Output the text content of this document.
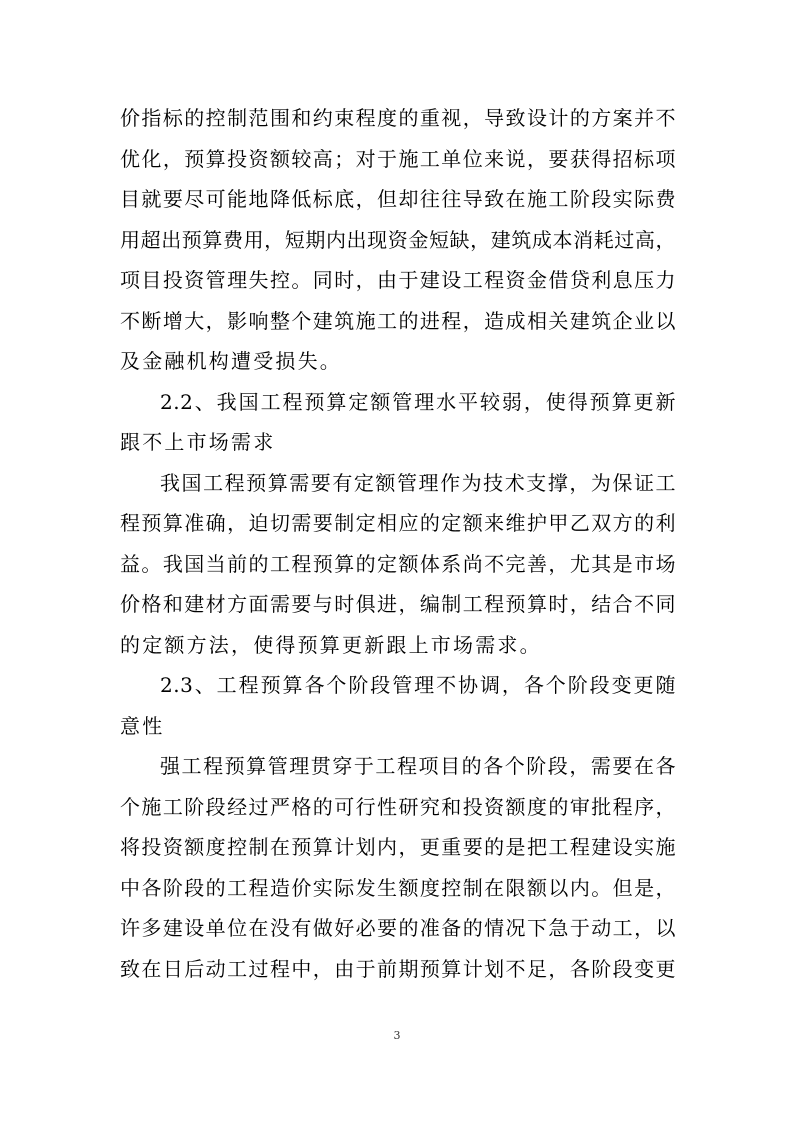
价指标的控制范围和约束程度的重视，导致设计的方案并不
优化，预算投资额较高；对于施工单位来说，要获得招标项
目就要尽可能地降低标底，但却往往导致在施工阶段实际费
用超出预算费用，短期内出现资金短缺，建筑成本消耗过高，
项目投资管理失控。同时，由于建设工程资金借贷利息压力
不断增大，影响整个建筑施工的进程，造成相关建筑企业以
及金融机构遭受损失。
2.2、我国工程预算定额管理水平较弱，使得预算更新
跟不上市场需求
我国工程预算需要有定额管理作为技术支撑，为保证工
程预算准确，迫切需要制定相应的定额来维护甲乙双方的利
益。我国当前的工程预算的定额体系尚不完善，尤其是市场
价格和建材方面需要与时俱进，编制工程预算时，结合不同
的定额方法，使得预算更新跟上市场需求。
2.3、工程预算各个阶段管理不协调，各个阶段变更随
意性
强工程预算管理贯穿于工程项目的各个阶段，需要在各
个施工阶段经过严格的可行性研究和投资额度的审批程序，
将投资额度控制在预算计划内，更重要的是把工程建设实施
中各阶段的工程造价实际发生额度控制在限额以内。但是，
许多建设单位在没有做好必要的准备的情况下急于动工，以
致在日后动工过程中，由于前期预算计划不足，各阶段变更
3
